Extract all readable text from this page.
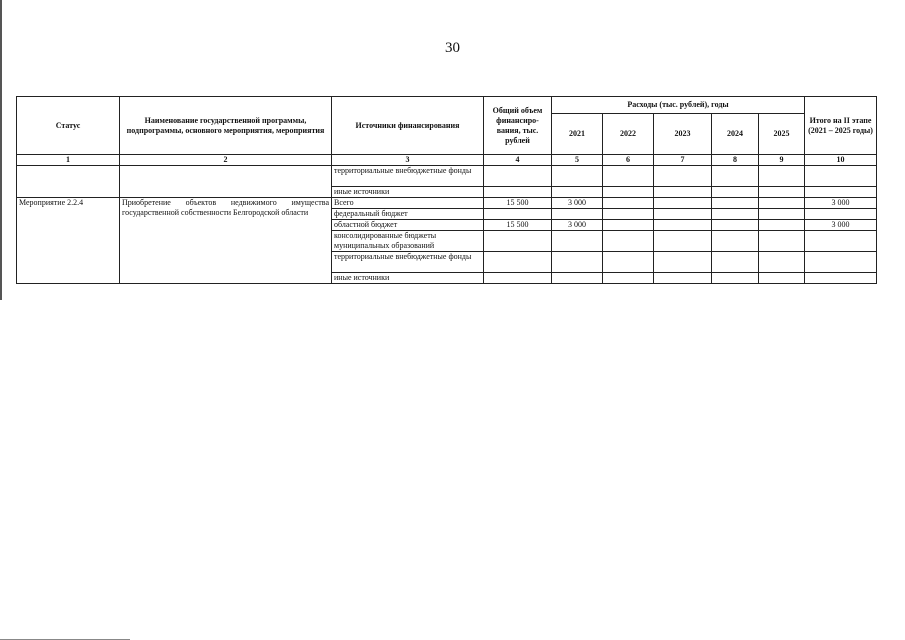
30
Статус	Наименование государственной программы, подпрограммы, основного мероприятия, мероприятия	Источники финансирования	Общий объем финансиро-вания, тыс. рублей	Расходы (тыс. рублей), годы					Итого на II этапе (2021 – 2025 годы)
				2021	2022	2023	2024	2025	
1	2	3	4	5	6	7	8	9	10
		территориальные внебюджетные фонды							
		иные источники							
Мероприятие 2.2.4	Приобретение объектов недвижимого имущества государственной собственности Белгородской области	Всего	15 500	3 000					3 000
		федеральный бюджет							
		областной бюджет	15 500	3 000					3 000
		консолидированные бюджеты муниципальных образований							
		территориальные внебюджетные фонды							
		иные источники							
